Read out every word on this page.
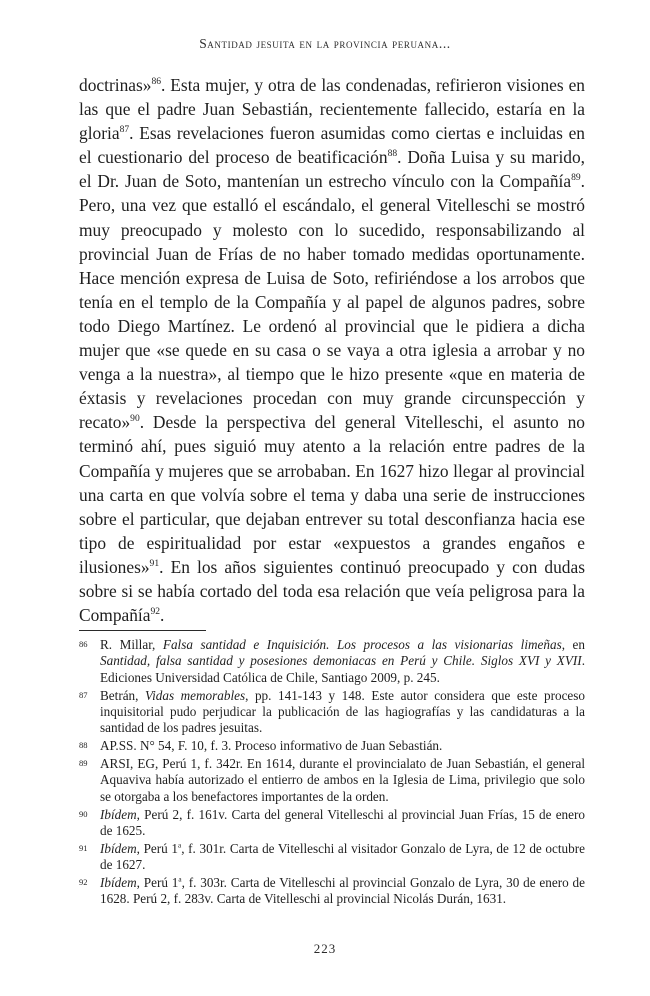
Santidad jesuita en la provincia peruana...

doctrinas»$^{86}$. Esta mujer, y otra de las condenadas, refirieron visiones en las que el padre Juan Sebastián, recientemente fallecido, estaría en la gloria$^{87}$. Esas revelaciones fueron asumidas como ciertas e incluidas en el cuestionario del proceso de beatificación$^{88}$. Doña Luisa y su marido, el Dr. Juan de Soto, mantenían un estrecho vínculo con la Compañía$^{89}$. Pero, una vez que estalló el escándalo, el general Vitelleschi se mostró muy preocupado y molesto con lo sucedido, responsabilizando al provincial Juan de Frías de no haber tomado medidas oportunamente. Hace mención expresa de Luisa de Soto, refiriéndose a los arrobos que tenía en el templo de la Compañía y al papel de algunos padres, sobre todo Diego Martínez. Le ordenó al provincial que le pidiera a dicha mujer que «se quede en su casa o se vaya a otra iglesia a arrobar y no venga a la nuestra», al tiempo que le hizo presente «que en materia de éxtasis y revelaciones procedan con muy grande circunspección y recato»$^{90}$. Desde la perspectiva del general Vitelleschi, el asunto no terminó ahí, pues siguió muy atento a la relación entre padres de la Compañía y mujeres que se arrobaban. En 1627 hizo llegar al provincial una carta en que volvía sobre el tema y daba una serie de instrucciones sobre el particular, que dejaban entrever su total desconfianza hacia ese tipo de espiritualidad por estar «expuestos a grandes engaños e ilusiones»$^{91}$. En los años siguientes continuó preocupado y con dudas sobre si se había cortado del toda esa relación que veía peligrosa para la Compañía$^{92}$.

86 R. Millar, Falsa santidad e Inquisición. Los procesos a las visionarias limeñas, en Santidad, falsa santidad y posesiones demoniacas en Perú y Chile. Siglos XVI y XVII. Ediciones Universidad Católica de Chile, Santiago 2009, p. 245.
87 Betrán, Vidas memorables, pp. 141-143 y 148. Este autor considera que este proceso inquisitorial pudo perjudicar la publicación de las hagiografías y las candidaturas a la santidad de los padres jesuitas.
88 AP.SS. N° 54, F. 10, f. 3. Proceso informativo de Juan Sebastián.
89 ARSI, EG, Perú 1, f. 342r. En 1614, durante el provincialato de Juan Sebastián, el general Aquaviva había autorizado el entierro de ambos en la Iglesia de Lima, privilegio que solo se otorgaba a los benefactores importantes de la orden.
90 Ibídem, Perú 2, f. 161v. Carta del general Vitelleschi al provincial Juan Frías, 15 de enero de 1625.
91 Ibídem, Perú 1$^a$, f. 301r. Carta de Vitelleschi al visitador Gonzalo de Lyra, de 12 de octubre de 1627.
92 Ibídem, Perú 1$^a$, f. 303r. Carta de Vitelleschi al provincial Gonzalo de Lyra, 30 de enero de 1628. Perú 2, f. 283v. Carta de Vitelleschi al provincial Nicolás Durán, 1631.
223
